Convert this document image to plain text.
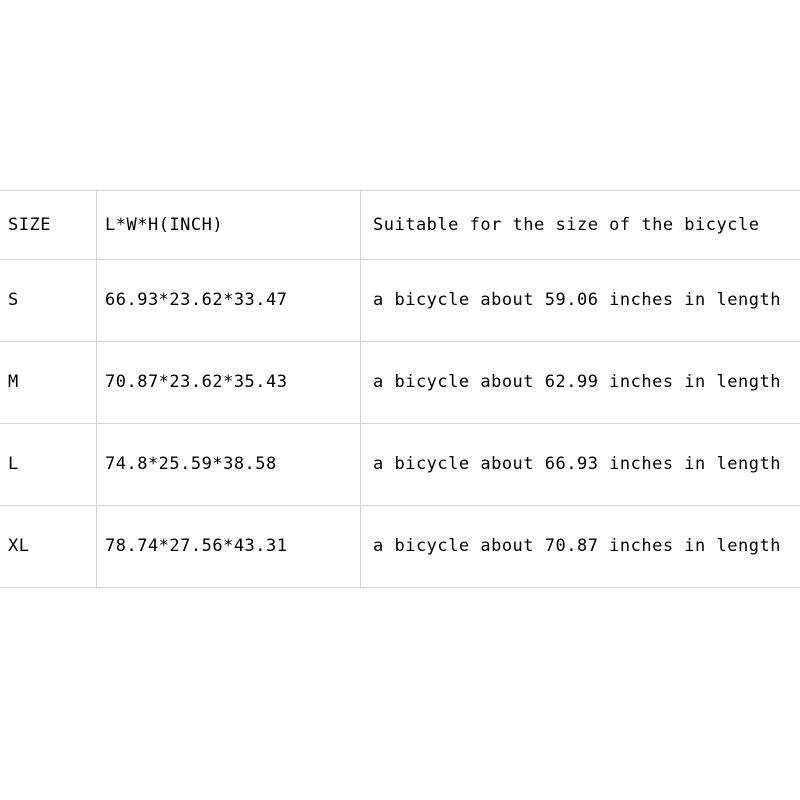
SIZE	L*W*H(INCH)	Suitable for the size of the bicycle
S	66.93*23.62*33.47	a bicycle about 59.06 inches in length
M	70.87*23.62*35.43	a bicycle about 62.99 inches in length
L	74.8*25.59*38.58	a bicycle about 66.93 inches in length
XL	78.74*27.56*43.31	a bicycle about 70.87 inches in length
